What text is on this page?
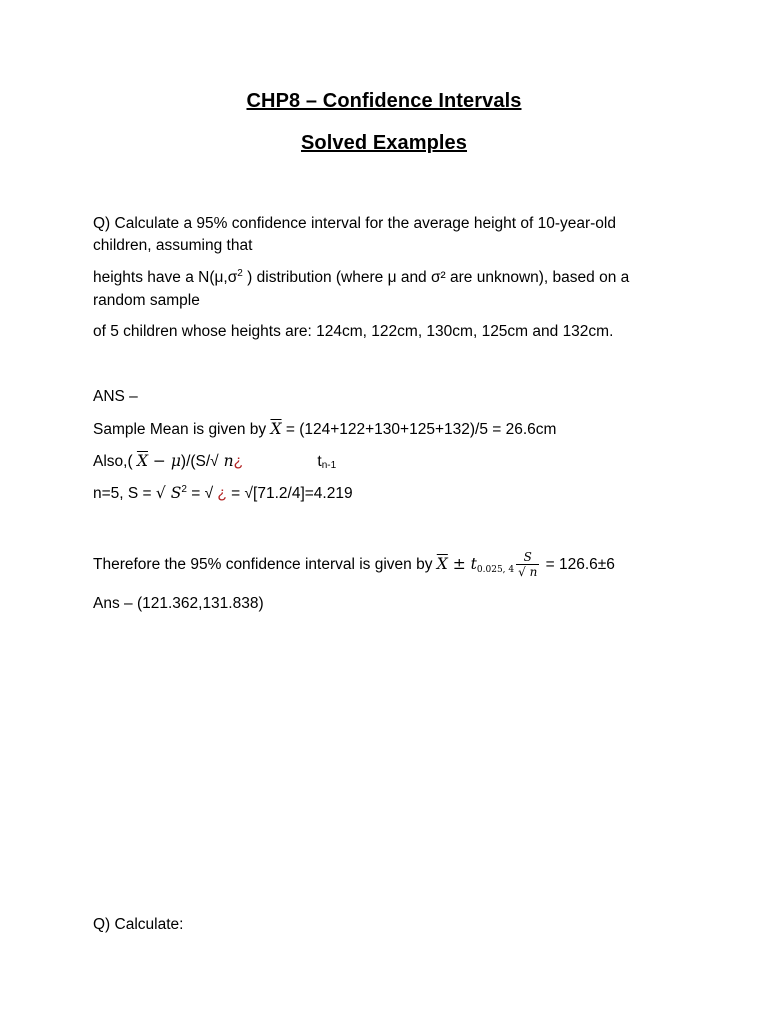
CHP8 – Confidence Intervals
Solved Examples
Q) Calculate a 95% confidence interval for the average height of 10-year-old
children, assuming that
heights have a $N(\mu,\sigma^2$ ) distribution (where μ and σ² are unknown), based on a
random sample
of 5 children whose heights are: 124cm, 122cm, 130cm, 125cm and 132cm.
ANS –
Sample Mean is given by $\overline{X} = (124+122+130+125+132)/5 = 26.6cm$
Also,( $\overline{X} - \mu)/(S/√$ n¿	tn-1
n=5, S = √ $S^2$ = √ ¿ = √[71.2/4]=4.219
Therefore the 95% confidence interval is given by $\overline{X} \pm t0.025$, $4 \frac{S}{√ n} = 126.6\pm 6$
Ans – (121.362,131.838)
Q) Calculate:
